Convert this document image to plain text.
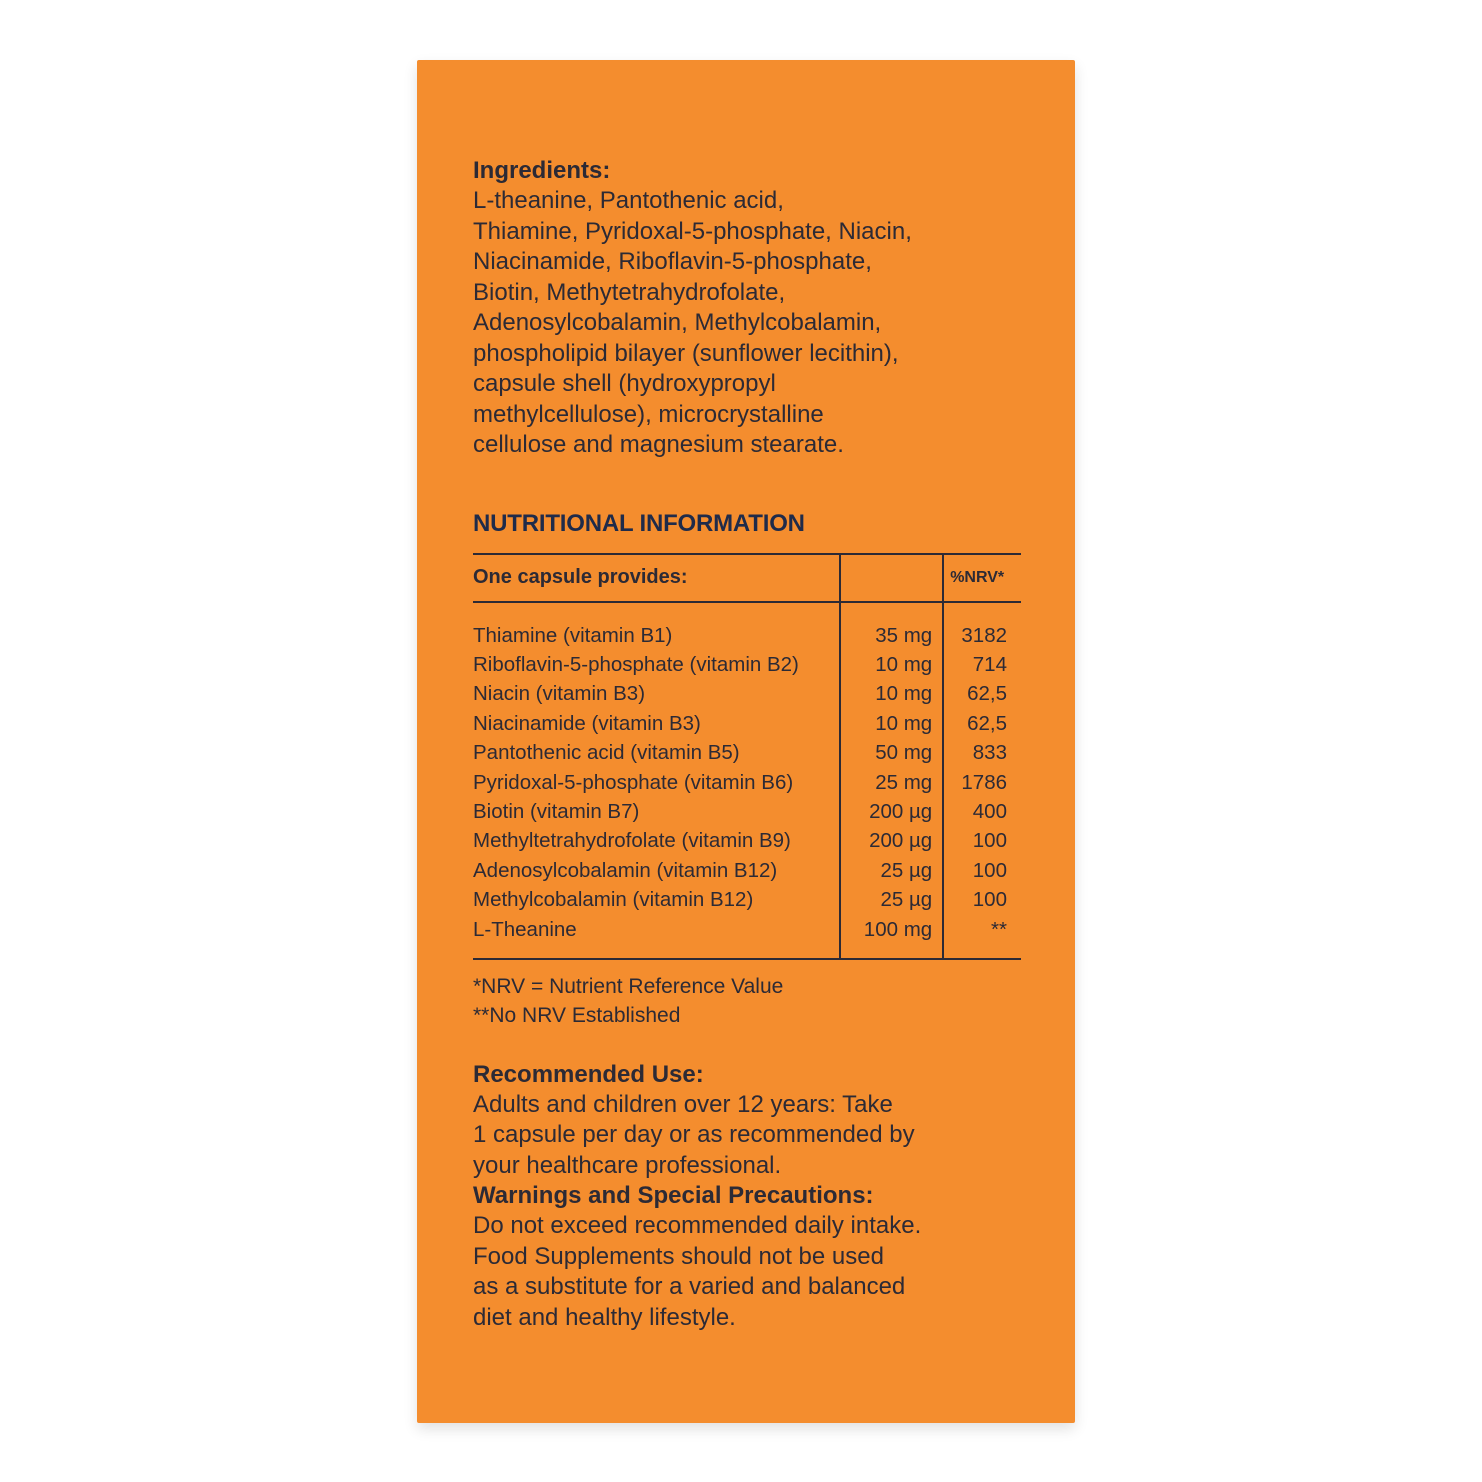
Ingredients:
L-theanine, Pantothenic acid,
Thiamine, Pyridoxal-5-phosphate, Niacin,
Niacinamide, Riboflavin-5-phosphate,
Biotin, Methytetrahydrofolate,
Adenosylcobalamin, Methylcobalamin,
phospholipid bilayer (sunflower lecithin),
capsule shell (hydroxypropyl
methylcellulose), microcrystalline
cellulose and magnesium stearate.
NUTRITIONAL INFORMATION
One capsule provides:		%NRV*

Thiamine (vitamin B1)	35 mg	3182
Riboflavin-5-phosphate (vitamin B2)	10 mg	714
Niacin (vitamin B3)	10 mg	62,5
Niacinamide (vitamin B3)	10 mg	62,5
Pantothenic acid (vitamin B5)	50 mg	833
Pyridoxal-5-phosphate (vitamin B6)	25 mg	1786
Biotin (vitamin B7)	200 µg	400
Methyltetrahydrofolate (vitamin B9)	200 µg	100
Adenosylcobalamin (vitamin B12)	25 µg	100
Methylcobalamin (vitamin B12)	25 µg	100
L-Theanine	100 mg	**
*NRV = Nutrient Reference Value
**No NRV Established
Recommended Use:
Adults and children over 12 years: Take
1 capsule per day or as recommended by
your healthcare professional.
Warnings and Special Precautions:
Do not exceed recommended daily intake.
Food Supplements should not be used
as a substitute for a varied and balanced
diet and healthy lifestyle.
